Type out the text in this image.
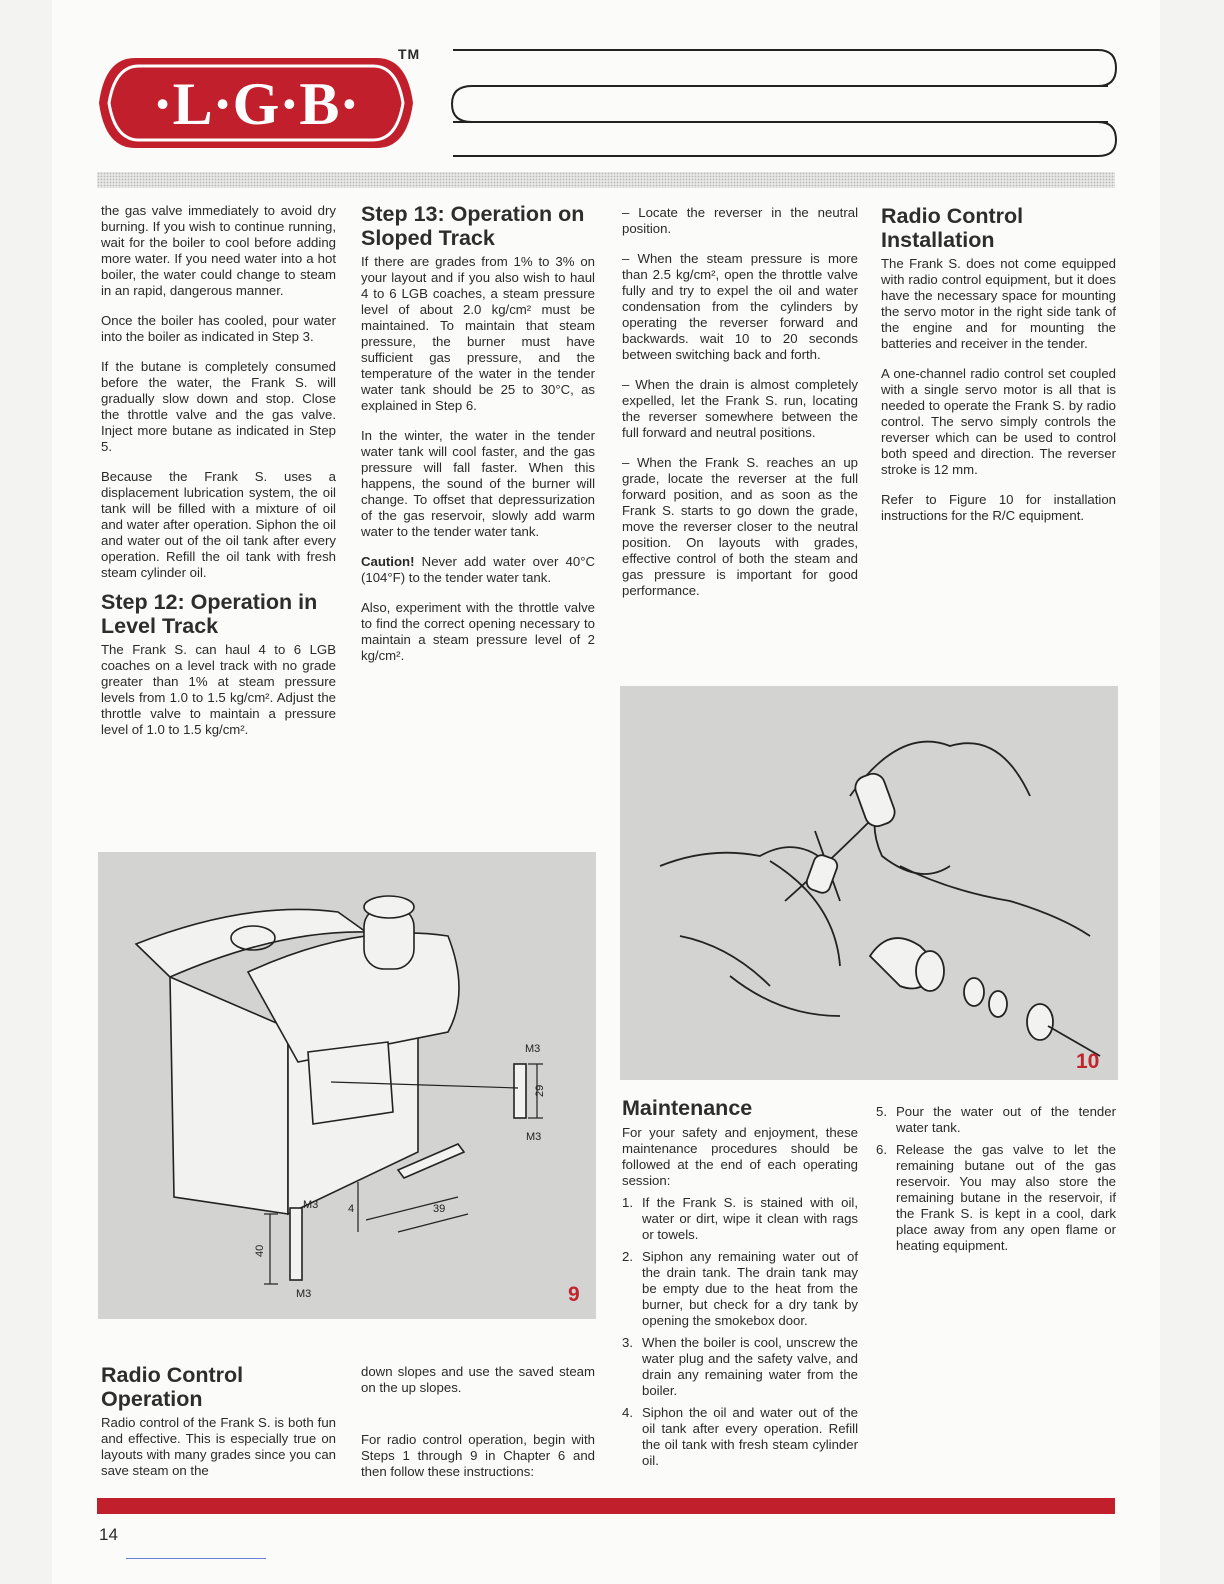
·L·G·B·
TM

the gas valve immediately to avoid dry burning. If you wish to continue running, wait for the boiler to cool before adding more water. If you need water into a hot boiler, the water could change to steam in an rapid, dangerous manner.

Once the boiler has cooled, pour water into the boiler as indicated in Step 3.

If the butane is completely consumed before the water, the Frank S. will gradually slow down and stop. Close the throttle valve and the gas valve. Inject more butane as indicated in Step 5.

Because the Frank S. uses a displacement lubrication system, the oil tank will be filled with a mixture of oil and water after operation. Siphon the oil and water out of the oil tank after every operation. Refill the oil tank with fresh steam cylinder oil.

Step 12: Operation in Level Track

The Frank S. can haul 4 to 6 LGB coaches on a level track with no grade greater than 1% at steam pressure levels from 1.0 to 1.5 kg/cm². Adjust the throttle valve to maintain a pressure level of 1.0 to 1.5 kg/cm².

Step 13: Operation on Sloped Track

If there are grades from 1% to 3% on your layout and if you also wish to haul 4 to 6 LGB coaches, a steam pressure level of about 2.0 kg/cm² must be maintained. To maintain that steam pressure, the burner must have sufficient gas pressure, and the temperature of the water in the tender water tank should be 25 to 30°C, as explained in Step 6.

In the winter, the water in the tender water tank will cool faster, and the gas pressure will fall faster. When this happens, the sound of the burner will change. To offset that depressurization of the gas reservoir, slowly add warm water to the tender water tank.

Caution! Never add water over 40°C (104°F) to the tender water tank.

Also, experiment with the throttle valve to find the correct opening necessary to maintain a steam pressure level of 2 kg/cm².

– Locate the reverser in the neutral position.

– When the steam pressure is more than 2.5 kg/cm², open the throttle valve fully and try to expel the oil and water condensation from the cylinders by operating the reverser forward and backwards. wait 10 to 20 seconds between switching back and forth.

– When the drain is almost completely expelled, let the Frank S. run, locating the reverser somewhere between the full forward and neutral positions.

– When the Frank S. reaches an up grade, locate the reverser at the full forward position, and as soon as the Frank S. starts to go down the grade, move the reverser closer to the neutral position. On layouts with grades, effective control of both the steam and gas pressure is important for good performance.

Radio Control Installation

The Frank S. does not come equipped with radio control equipment, but it does have the necessary space for mounting the servo motor in the right side tank of the engine and for mounting the batteries and receiver in the tender.

A one-channel radio control set coupled with a single servo motor is all that is needed to operate the Frank S. by radio control. The servo simply controls the reverser which can be used to control both speed and direction. The reverser stroke is 12 mm.

Refer to Figure 10 for installation instructions for the R/C equipment.

M3
M3
M3
M3
29
39
4
40
9
10
Radio Control Operation

Radio control of the Frank S. is both fun and effective. This is especially true on layouts with many grades since you can save steam on the

down slopes and use the saved steam on the up slopes.

For radio control operation, begin with Steps 1 through 9 in Chapter 6 and then follow these instructions:

Maintenance

For your safety and enjoyment, these maintenance procedures should be followed at the end of each operating session:

1. If the Frank S. is stained with oil, water or dirt, wipe it clean with rags or towels.
2. Siphon any remaining water out of the drain tank. The drain tank may be empty due to the heat from the burner, but check for a dry tank by opening the smokebox door.
3. When the boiler is cool, unscrew the water plug and the safety valve, and drain any remaining water from the boiler.
4. Siphon the oil and water out of the oil tank after every operation. Refill the oil tank with fresh steam cylinder oil.
5. Pour the water out of the tender water tank.
6. Release the gas valve to let the remaining butane out of the gas reservoir. You may also store the remaining butane in the reservoir, if the Frank S. is kept in a cool, dark place away from any open flame or heating equipment.
14
